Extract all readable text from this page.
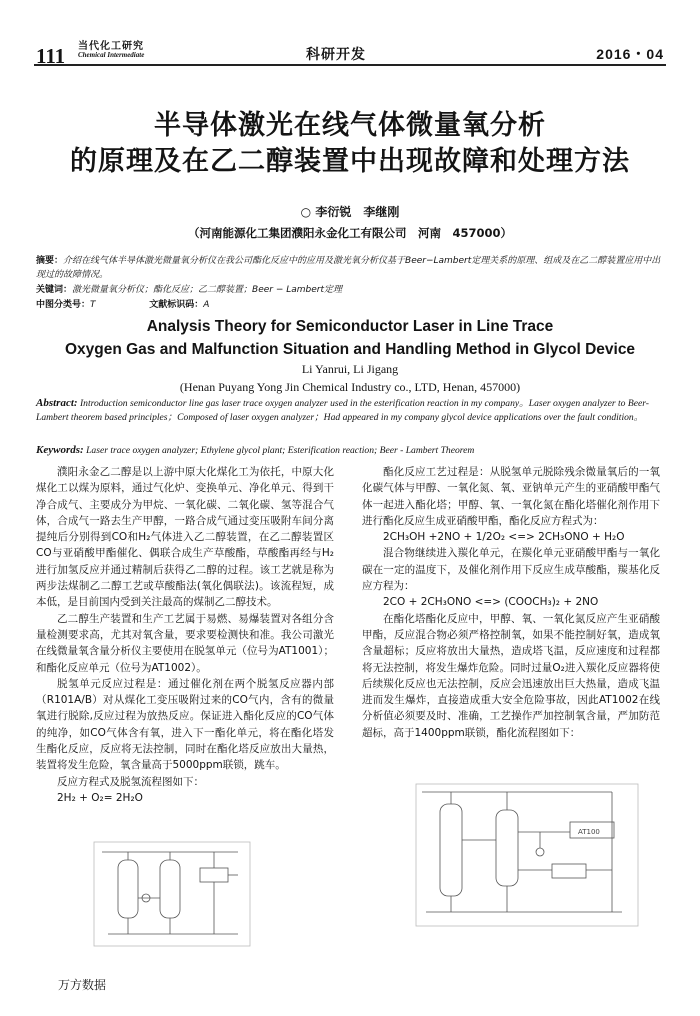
111 当代化工研究
Chemical Intermediate	科研开发	2016・04
半导体激光在线气体微量氧分析
的原理及在乙二醇装置中出现故障和处理方法
○ 李衍锐　李继刚
（河南能源化工集团濮阳永金化工有限公司　河南　457000）
摘要：介绍在线气体半导体激光微量氧分析仪在我公司酯化反应中的应用及激光氧分析仪基于Beer−Lambert定理关系的原理、组成及在乙二醇装置应用中出现过的故障情况。
关键词：激光微量氧分析仪；酯化反应；乙二醇装置；Beer − Lambert定理
中图分类号：T	文献标识码：A
Analysis Theory for Semiconductor Laser in Line Trace
Oxygen Gas and Malfunction Situation and Handling Method in Glycol Device
Li Yanrui, Li Jigang
(Henan Puyang Yong Jin Chemical Industry co., LTD, Henan, 457000)
Abstract: Introduction semiconductor line gas laser trace oxygen analyzer used in the esterification reaction in my company。Laser oxygen analyzer to Beer-Lambert theorem based principles；Composed of laser oxygen analyzer；Had appeared in my company glycol device applications over the fault condition。
Keywords: Laser trace oxygen analyzer; Ethylene glycol plant; Esterification reaction; Beer - Lambert Theorem

濮阳永金乙二醇是以上游中原大化煤化工为依托，中原大化煤化工以煤为原料，通过气化炉、变换单元、净化单元、得到干净合成气、主要成分为甲烷、一氧化碳、二氧化碳、氢等混合气体，合成气一路去生产甲醇，一路合成气通过变压吸附车间分离提纯后分别得到CO和H₂气体进入乙二醇装置，在乙二醇装置区CO与亚硝酸甲酯催化、偶联合成生产草酸酯，草酸酯再经与H₂进行加氢反应并通过精制后获得乙二醇的过程。该工艺就是称为两步法煤制乙二醇工艺或草酸酯法(氧化偶联法)。该流程短，成本低，是目前国内受到关注最高的煤制乙二醇技术。

乙二醇生产装置和生产工艺属于易燃、易爆装置对各组分含量检测要求高，尤其对氧含量，要求要检测快和准。我公司激光在线微量氧含量分析仪主要使用在脱氢单元（位号为AT1001）；和酯化反应单元（位号为AT1002）。

脱氢单元反应过程是：通过催化剂在两个脱氢反应器内部（R101A/B）对从煤化工变压吸附过来的CO气内，含有的微量氧进行脱除,反应过程为放热反应。保证进入酯化反应的CO气体的纯净，如CO气体含有氧，进入下一酯化单元，将在酯化塔发生酯化反应，反应将无法控制，同时在酯化塔反应放出大量热，装置将发生危险，氧含量高于5000ppm联锁，跳车。

反应方程式及脱氢流程图如下：

2H₂ + O₂= 2H₂O

酯化反应工艺过程是：从脱氢单元脱除残余微量氧后的一氧化碳气体与甲醇、一氧化氮、氧、亚钠单元产生的亚硝酸甲酯气体一起进入酯化塔；甲醇、氧、一氧化氮在酯化塔催化剂作用下进行酯化反应生成亚硝酸甲酯，酯化反应方程式为：

2CH₃OH +2NO + 1/2O₂ <=> 2CH₃ONO + H₂O

混合物继续进入羰化单元，在羰化单元亚硝酸甲酯与一氧化碳在一定的温度下，及催化剂作用下反应生成草酸酯，羰基化反应方程为：

2CO + 2CH₃ONO <=> (COOCH₃)₂ + 2NO

在酯化塔酯化反应中，甲醇、氧、一氧化氮反应产生亚硝酸甲酯，反应混合物必须严格控制氧，如果不能控制好氧，造成氧含量超标；反应将放出大量热，造成塔飞温，反应速度和过程都将无法控制，将发生爆炸危险。同时过量O₂进入羰化反应器将使后续羰化反应也无法控制，反应会迅速放出巨大热量，造成飞温进而发生爆炸，直接造成重大安全危险事故，因此AT1002在线分析值必须要及时、准确，工艺操作严加控制氧含量，严加防范超标，高于1400ppm联锁，酯化流程图如下：

AT100
万方数据
